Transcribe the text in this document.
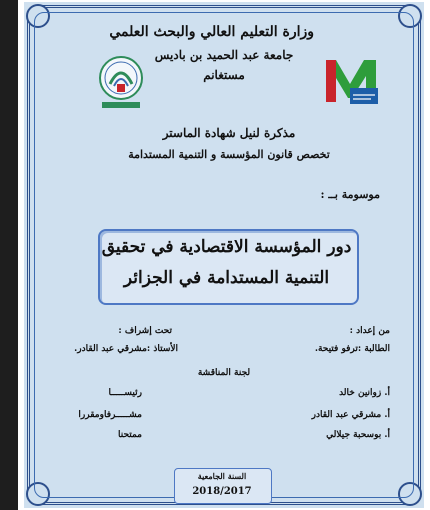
وزارة التعليم العالي والبحث العلمي
جامعة عبد الحميد بن باديس
مستغانم
مذكرة لنيل شهادة الماستر
تخصص قانون المؤسسة و التنمية المستدامة
موسومة بــ :
دور المؤسسة الاقتصادية في تحقيق
التنمية المستدامة في الجزائر
من إعداد :
تحت إشراف :
الطالبة :ترفو فتيحة.
الأستاذ :مشرقي عبد القادر.
لجنة المناقشة
أ. زوانين خالد
رئيســـــا
أ. مشرقي عبد القادر
مشـــــرفاومقررا
أ. بوسحبة جيلالي
ممتحنا
السنة الجامعية
2018/2017
